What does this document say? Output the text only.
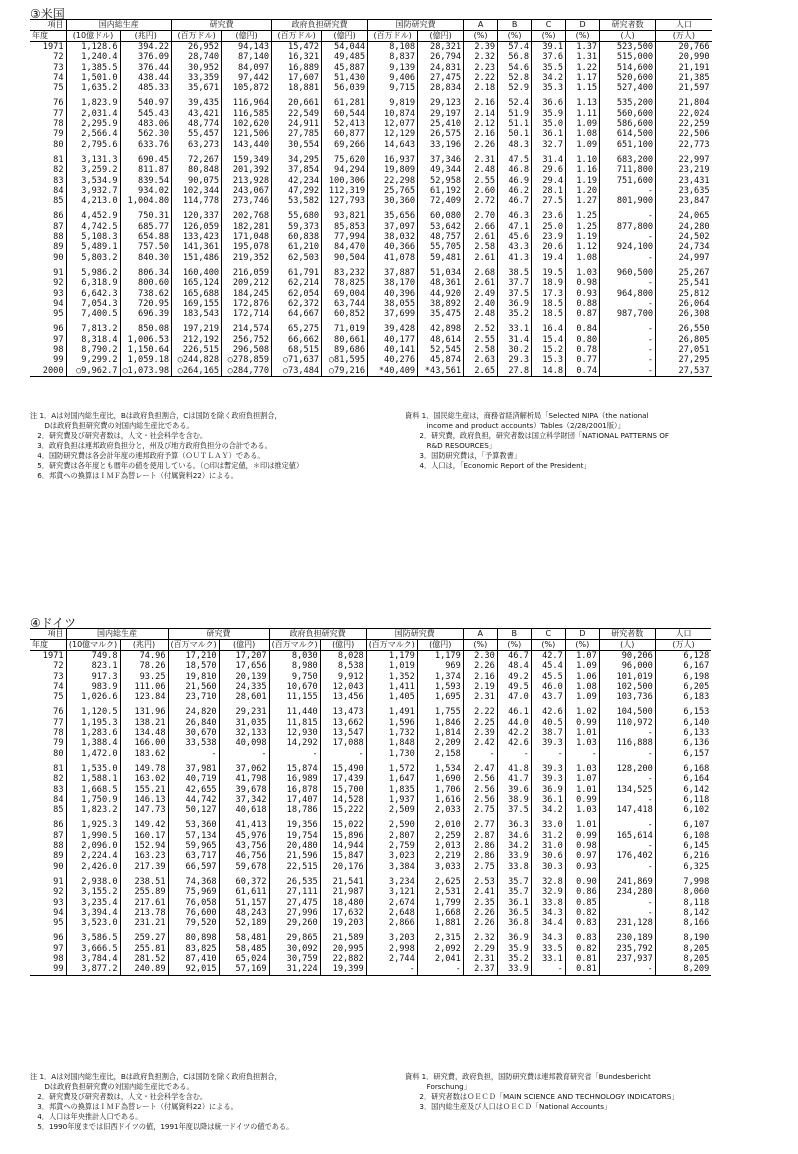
③米国
項目	国内総生産		研究費		政府負担研究費		国防研究費		A	B	C	D	研究者数	人口
年度	(10億ドル)	(兆円)	(百万ドル)	(億円)	(百万ドル)	(億円)	(百万ドル)	(億円)	(%)	(%)	(%)	(%)	(人)	(万人)
1971	1,128.6	394.22	26,952	94,143	15,472	54,044	8,108	28,321	2.39	57.4	39.1	1.37	523,500	20,766
72	1,240.4	376.09	28,740	87,140	16,321	49,485	8,837	26,794	2.32	56.8	37.6	1.31	515,000	20,990
73	1,385.5	376.44	30,952	84,097	16,889	45,887	9,139	24,831	2.23	54.6	35.5	1.22	514,600	21,191
74	1,501.0	438.44	33,359	97,442	17,607	51,430	9,406	27,475	2.22	52.8	34.2	1.17	520,600	21,385
75	1,635.2	485.33	35,671	105,872	18,881	56,039	9,715	28,834	2.18	52.9	35.3	1.15	527,400	21,597
76	1,823.9	540.97	39,435	116,964	20,661	61,281	9,819	29,123	2.16	52.4	36.6	1.13	535,200	21,804
77	2,031.4	545.43	43,421	116,585	22,549	60,544	10,874	29,197	2.14	51.9	35.9	1.11	560,600	22,024
78	2,295.9	483.06	48,774	102,620	24,911	52,413	12,077	25,410	2.12	51.1	35.0	1.09	586,600	22,259
79	2,566.4	562.30	55,457	121,506	27,785	60,877	12,129	26,575	2.16	50.1	36.1	1.08	614,500	22,506
80	2,795.6	633.76	63,273	143,440	30,554	69,266	14,643	33,196	2.26	48.3	32.7	1.09	651,100	22,773
81	3,131.3	690.45	72,267	159,349	34,295	75,620	16,937	37,346	2.31	47.5	31.4	1.10	683,200	22,997
82	3,259.2	811.87	80,848	201,392	37,854	94,294	19,809	49,344	2.48	46.8	29.6	1.16	711,800	23,219
83	3,534.9	839.54	90,075	213,928	42,234	100,306	22,298	52,958	2.55	46.9	29.4	1.19	751,600	23,431
84	3,932.7	934.02	102,344	243,067	47,292	112,319	25,765	61,192	2.60	46.2	28.1	1.20	-	23,635
85	4,213.0	1,004.80	114,778	273,746	53,582	127,793	30,360	72,409	2.72	46.7	27.5	1.27	801,900	23,847
86	4,452.9	750.31	120,337	202,768	55,680	93,821	35,656	60,080	2.70	46.3	23.6	1.25	-	24,065
87	4,742.5	685.77	126,059	182,281	59,373	85,853	37,097	53,642	2.66	47.1	25.0	1.25	877,800	24,280
88	5,108.3	654.88	133,423	171,048	60,838	77,994	38,032	48,757	2.61	45.6	23.9	1.19	-	24,502
89	5,489.1	757.50	141,361	195,078	61,210	84,470	40,366	55,705	2.58	43.3	20.6	1.12	924,100	24,734
90	5,803.2	840.30	151,486	219,352	62,503	90,504	41,078	59,481	2.61	41.3	19.4	1.08	-	24,997
91	5,986.2	806.34	160,400	216,059	61,791	83,232	37,887	51,034	2.68	38.5	19.5	1.03	960,500	25,267
92	6,318.9	800.60	165,124	209,212	62,214	78,825	38,170	48,361	2.61	37.7	18.9	0.98	-	25,541
93	6,642.3	738.62	165,688	184,245	62,054	69,004	40,396	44,920	2.49	37.5	17.3	0.93	964,800	25,812
94	7,054.3	720.95	169,155	172,876	62,372	63,744	38,055	38,892	2.40	36.9	18.5	0.88	-	26,064
95	7,400.5	696.39	183,543	172,714	64,667	60,852	37,699	35,475	2.48	35.2	18.5	0.87	987,700	26,308
96	7,813.2	850.08	197,219	214,574	65,275	71,019	39,428	42,898	2.52	33.1	16.4	0.84	-	26,550
97	8,318.4	1,006.53	212,192	256,752	66,662	80,661	40,177	48,614	2.55	31.4	15.4	0.80	-	26,805
98	8,790.2	1,150.64	226,515	296,508	68,515	89,686	40,141	52,545	2.58	30.2	15.2	0.78	-	27,051
99	9,299.2	1,059.18	○244,828	○278,859	○71,637	○81,595	40,276	45,874	2.63	29.3	15.3	0.77	-	27,295
2000	○9,962.7	○1,073.98	○264,165	○284,770	○73,484	○79,216	*40,409	*43,561	2.65	27.8	14.8	0.74	-	27,537
注 1．Aは対国内総生産比，Bは政府負担割合，Cは国防を除く政府負担割合，
　　Dは政府負担研究費の対国内総生産比である。
　2．研究費及び研究者数は，人文・社会科学を含む。
　3．政府負担は連邦政府負担分と，州及び地方政府負担分の合計である。
　4．国防研究費は各会計年度の連邦政府予算（ＯＵＴＬＡＹ）である。
　5．研究費は各年度とも暦年の値を使用している。（○印は暫定値，＊印は推定値）
　6．邦貨への換算はＩＭＦ為替レート（付属資料22）による。
資料 1．国民総生産は，商務省経済解析局「Selected NIPA（the national
　　　income and product accounts）Tables（2/28/2001版）」
　　2．研究費，政府負担，研究者数は国立科学財団「NATIONAL PATTERNS OF
　　　R&D RESOURCES」
　　3．国防研究費は，「予算教書」
　　4．人口は，「Economic Report of the President」
④ドイツ
項目	国内総生産		研究費		政府負担研究費		国防研究費		A	B	C	D	研究者数	人口
年度	(10億マルク)	(兆円)	(百万マルク)	(億円)	(百万マルク)	(億円)	(百万マルク)	(億円)	(%)	(%)	(%)	(%)	(人)	(万人)
1971	749.8	74.96	17,210	17,207	8,030	8,028	1,179	1,179	2.30	46.7	42.7	1.07	90,206	6,128
72	823.1	78.26	18,570	17,656	8,980	8,538	1,019	969	2.26	48.4	45.4	1.09	96,000	6,167
73	917.3	93.25	19,810	20,139	9,750	9,912	1,352	1,374	2.16	49.2	45.5	1.06	101,019	6,198
74	983.9	111.06	21,560	24,335	10,670	12,043	1,411	1,593	2.19	49.5	46.0	1.08	102,500	6,205
75	1,026.6	123.84	23,710	28,601	11,155	13,456	1,405	1,695	2.31	47.0	43.7	1.09	103,736	6,183
76	1,120.5	131.96	24,820	29,231	11,440	13,473	1,491	1,755	2.22	46.1	42.6	1.02	104,500	6,153
77	1,195.3	138.21	26,840	31,035	11,815	13,662	1,596	1,846	2.25	44.0	40.5	0.99	110,972	6,140
78	1,283.6	134.48	30,670	32,133	12,930	13,547	1,732	1,814	2.39	42.2	38.7	1.01	-	6,133
79	1,388.4	166.00	33,538	40,098	14,292	17,088	1,848	2,209	2.42	42.6	39.3	1.03	116,888	6,136
80	1,472.0	183.62	-	-	-	-	1,730	2,158	-	-	-	-	-	6,157
81	1,535.0	149.78	37,981	37,062	15,874	15,490	1,572	1,534	2.47	41.8	39.3	1.03	128,200	6,168
82	1,588.1	163.02	40,719	41,798	16,989	17,439	1,647	1,690	2.56	41.7	39.3	1.07	-	6,164
83	1,668.5	155.21	42,655	39,678	16,878	15,700	1,835	1,706	2.56	39.6	36.9	1.01	134,525	6,142
84	1,750.9	146.13	44,742	37,342	17,407	14,528	1,937	1,616	2.56	38.9	36.1	0.99	-	6,118
85	1,823.2	147.73	50,127	40,618	18,786	15,222	2,509	2,033	2.75	37.5	34.2	1.03	147,418	6,102
86	1,925.3	149.42	53,360	41,413	19,356	15,022	2,590	2,010	2.77	36.3	33.0	1.01	-	6,107
87	1,990.5	160.17	57,134	45,976	19,754	15,896	2,807	2,259	2.87	34.6	31.2	0.99	165,614	6,108
88	2,096.0	152.94	59,965	43,756	20,480	14,944	2,759	2,013	2.86	34.2	31.0	0.98	-	6,145
89	2,224.4	163.23	63,717	46,756	21,596	15,847	3,023	2,219	2.86	33.9	30.6	0.97	176,402	6,216
90	2,426.0	217.39	66,597	59,678	22,515	20,176	3,384	3,033	2.75	33.8	30.3	0.93	-	6,325
91	2,938.0	238.51	74,368	60,372	26,535	21,541	3,234	2,625	2.53	35.7	32.8	0.90	241,869	7,998
92	3,155.2	255.89	75,969	61,611	27,111	21,987	3,121	2,531	2.41	35.7	32.9	0.86	234,280	8,060
93	3,235.4	217.61	76,058	51,157	27,475	18,480	2,674	1,799	2.35	36.1	33.8	0.85	-	8,118
94	3,394.4	213.78	76,600	48,243	27,996	17,632	2,648	1,668	2.26	36.5	34.3	0.82	-	8,142
95	3,523.0	231.21	79,520	52,189	29,260	19,203	2,866	1,881	2.26	36.8	34.4	0.83	231,128	8,166
96	3,586.5	259.27	80,898	58,481	29,865	21,589	3,203	2,315	2.32	36.9	34.3	0.83	230,189	8,190
97	3,666.5	255.81	83,825	58,485	30,092	20,995	2,998	2,092	2.29	35.9	33.5	0.82	235,792	8,205
98	3,784.4	281.52	87,410	65,024	30,759	22,882	2,744	2,041	2.31	35.2	33.1	0.81	237,937	8,205
99	3,877.2	240.89	92,015	57,169	31,224	19,399	-	-	2.37	33.9	-	0.81	-	8,209
注 1．Aは対国内総生産比，Bは政府負担割合，Cは国防を除く政府負担割合，
　　Dは政府負担研究費の対国内総生産比である。
　2．研究費及び研究者数は，人文・社会科学を含む。
　3．邦貨への換算はＩＭＦ為替レート（付属資料22）による。
　4．人口は年央推計人口である。
　5．1990年度までは旧西ドイツの値，1991年度以降は統一ドイツの値である。
資料 1．研究費，政府負担，国防研究費は連邦教育研究省「Bundesbericht
　　　Forschung」
　　2．研究者数はＯＥＣＤ「MAIN SCIENCE AND TECHNOLOGY INDICATORS」
　　3．国内総生産及び人口はＯＥＣＤ「National Accounts」
